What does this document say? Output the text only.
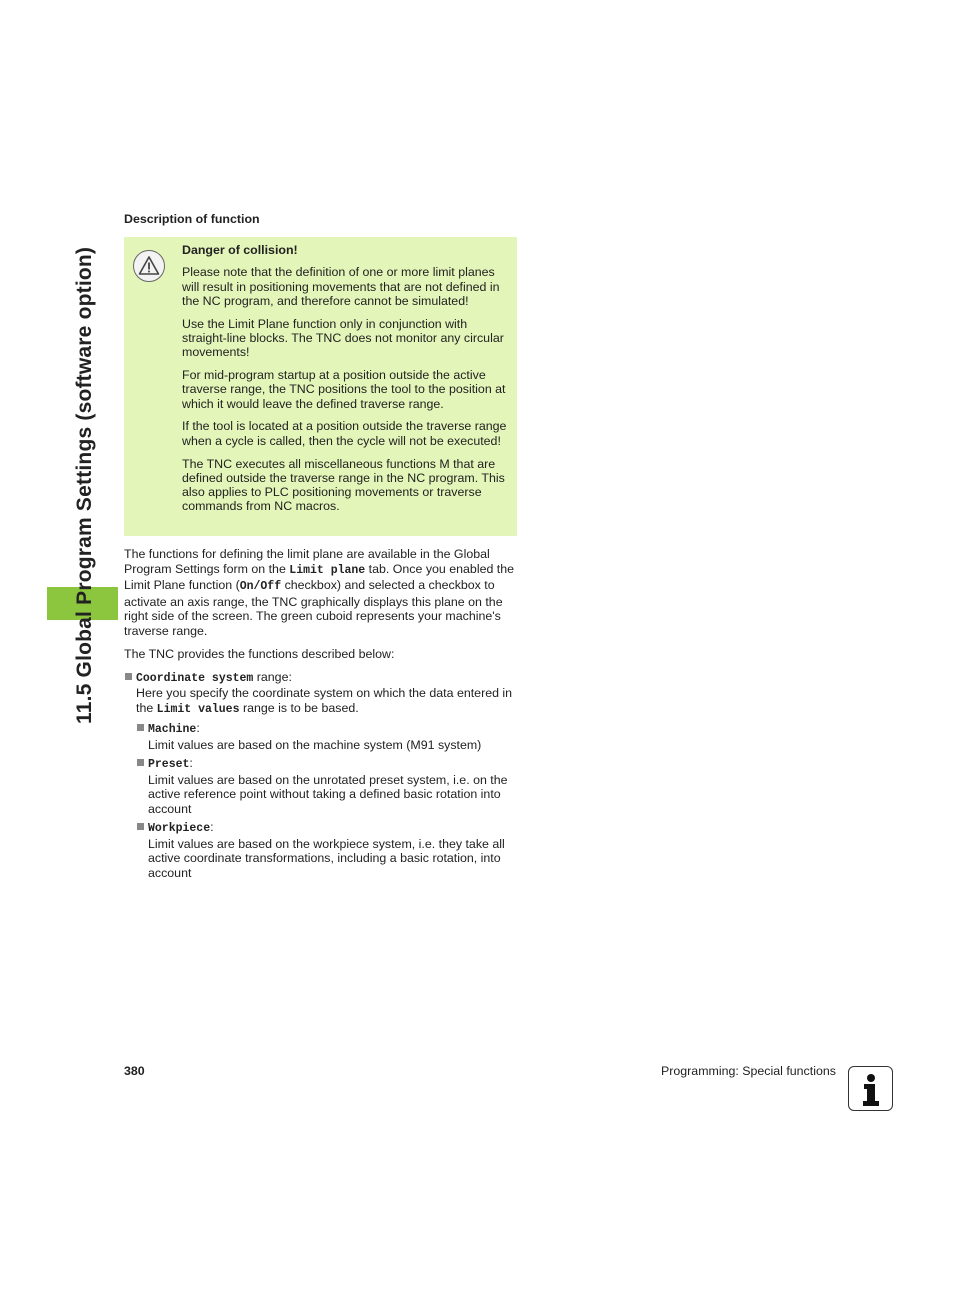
11.5 Global Program Settings (software option)
Description of function
Danger of collision!

Please note that the definition of one or more limit planes will result in positioning movements that are not defined in the NC program, and therefore cannot be simulated!

Use the Limit Plane function only in conjunction with straight-line blocks. The TNC does not monitor any circular movements!

For mid-program startup at a position outside the active traverse range, the TNC positions the tool to the position at which it would leave the defined traverse range.

If the tool is located at a position outside the traverse range when a cycle is called, then the cycle will not be executed!

The TNC executes all miscellaneous functions M that are defined outside the traverse range in the NC program. This also applies to PLC positioning movements or traverse commands from NC macros.

The functions for defining the limit plane are available in the Global Program Settings form on the Limit plane tab. Once you enabled the Limit Plane function (On/Off checkbox) and selected a checkbox to activate an axis range, the TNC graphically displays this plane on the right side of the screen. The green cuboid represents your machine's traverse range.

The TNC provides the functions described below:

Coordinate system range:
Here you specify the coordinate system on which the data entered in the Limit values range is to be based.
Machine:
Limit values are based on the machine system (M91 system)
Preset:
Limit values are based on the unrotated preset system, i.e. on the active reference point without taking a defined basic rotation into account
Workpiece:
Limit values are based on the workpiece system, i.e. they take all active coordinate transformations, including a basic rotation, into account
380	Programming: Special functions
